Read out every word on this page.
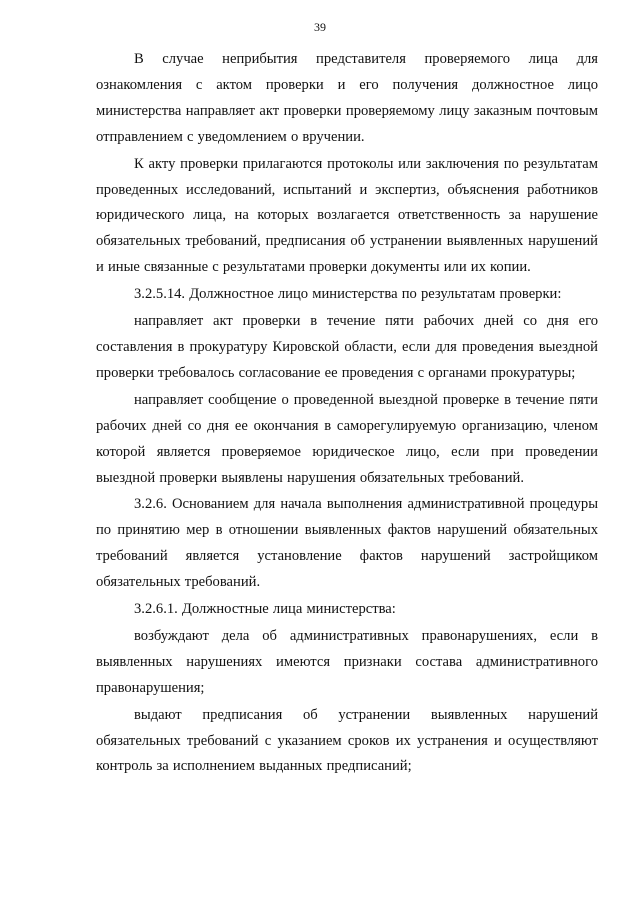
39

В случае неприбытия представителя проверяемого лица для ознакомления с актом проверки и его получения должностное лицо министерства направляет акт проверки проверяемому лицу заказным почтовым отправлением с уведомлением о вручении.

К акту проверки прилагаются протоколы или заключения по результатам проведенных исследований, испытаний и экспертиз, объяснения работников юридического лица, на которых возлагается ответственность за нарушение обязательных требований, предписания об устранении выявленных нарушений и иные связанные с результатами проверки документы или их копии.

3.2.5.14. Должностное лицо министерства по результатам проверки:

направляет акт проверки в течение пяти рабочих дней со дня его составления в прокуратуру Кировской области, если для проведения выездной проверки требовалось согласование ее проведения с органами прокуратуры;

направляет сообщение о проведенной выездной проверке в течение пяти рабочих дней со дня ее окончания в саморегулируемую организацию, членом которой является проверяемое юридическое лицо, если при проведении выездной проверки выявлены нарушения обязательных требований.

3.2.6. Основанием для начала выполнения административной процедуры по принятию мер в отношении выявленных фактов нарушений обязательных требований является установление фактов нарушений застройщиком обязательных требований.

3.2.6.1. Должностные лица министерства:

возбуждают дела об административных правонарушениях, если в выявленных нарушениях имеются признаки состава административного правонарушения;

выдают предписания об устранении выявленных нарушений обязательных требований с указанием сроков их устранения и осуществляют контроль за исполнением выданных предписаний;
